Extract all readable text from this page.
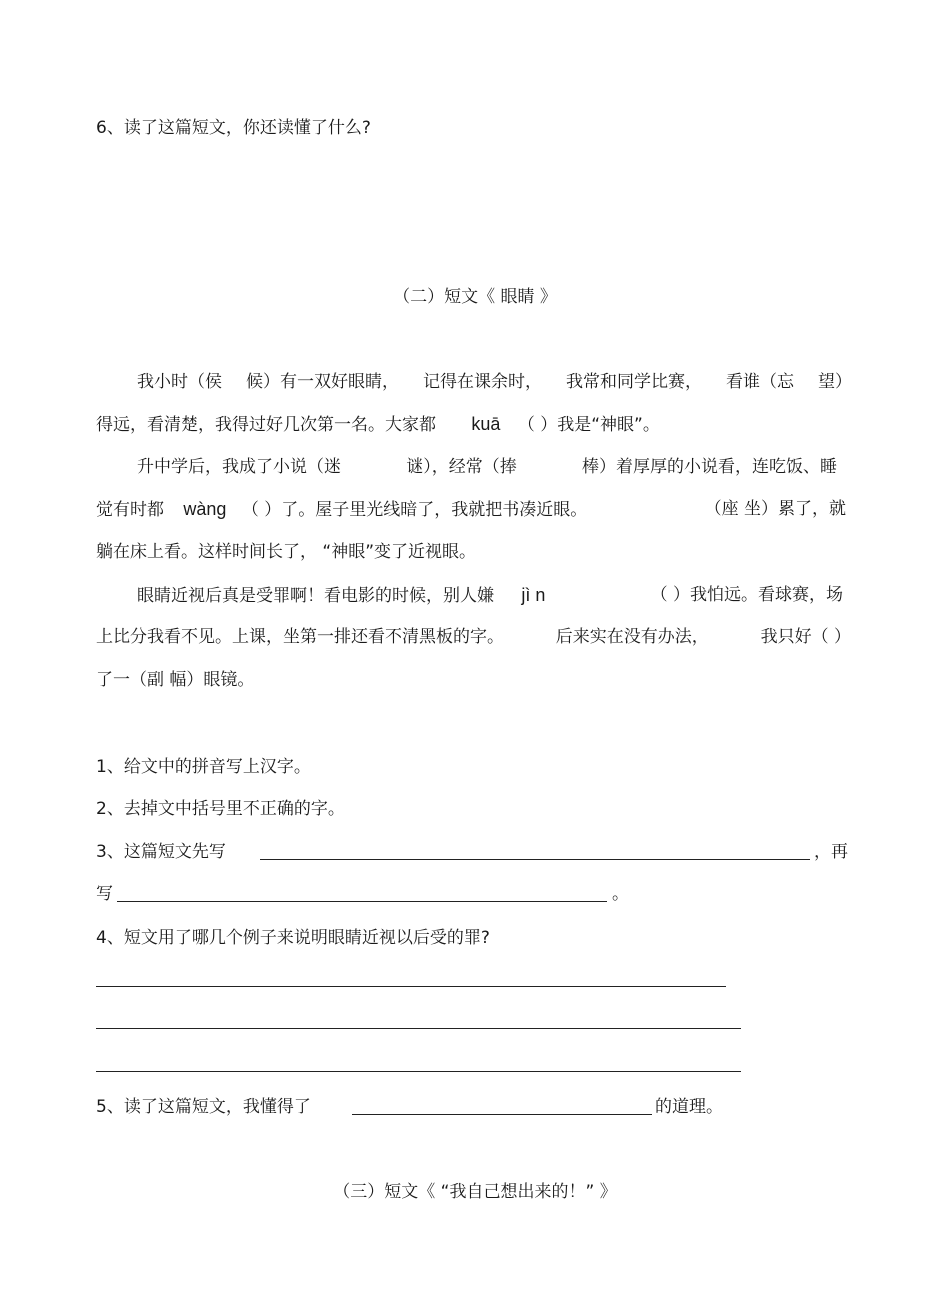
6、读了这篇短文，你还读懂了什么?
（二）短文《 眼睛 》
我小时（侯 候）有一双好眼睛， 记得在课余时， 我常和同学比赛， 看谁（忘 望）
得远，看清楚，我得过好几次第一名。大家都 kuā （ ）我是“神眼”。
升中学后，我成了小说（迷	谜），经常（捧	棒）着厚厚的小说看，连吃饭、睡
觉有时都 wàng （ ）了。屋子里光线暗了，我就把书凑近眼。	（座 坐）累了，就
躺在床上看。这样时间长了， “神眼”变了近视眼。
眼睛近视后真是受罪啊！看电影的时候，别人嫌 jì n	（ ）我怕远。看球赛，场
上比分我看不见。上课，坐第一排还看不清黑板的字。	后来实在没有办法，	我只好（ ）
了一（副 幅）眼镜。
1、给文中的拼音写上汉字。
2、去掉文中括号里不正确的字。
3、这篇短文先写	，再
写	。
4、短文用了哪几个例子来说明眼睛近视以后受的罪?
5、读了这篇短文，我懂得了	的道理。
（三）短文《 “我自己想出来的！” 》
